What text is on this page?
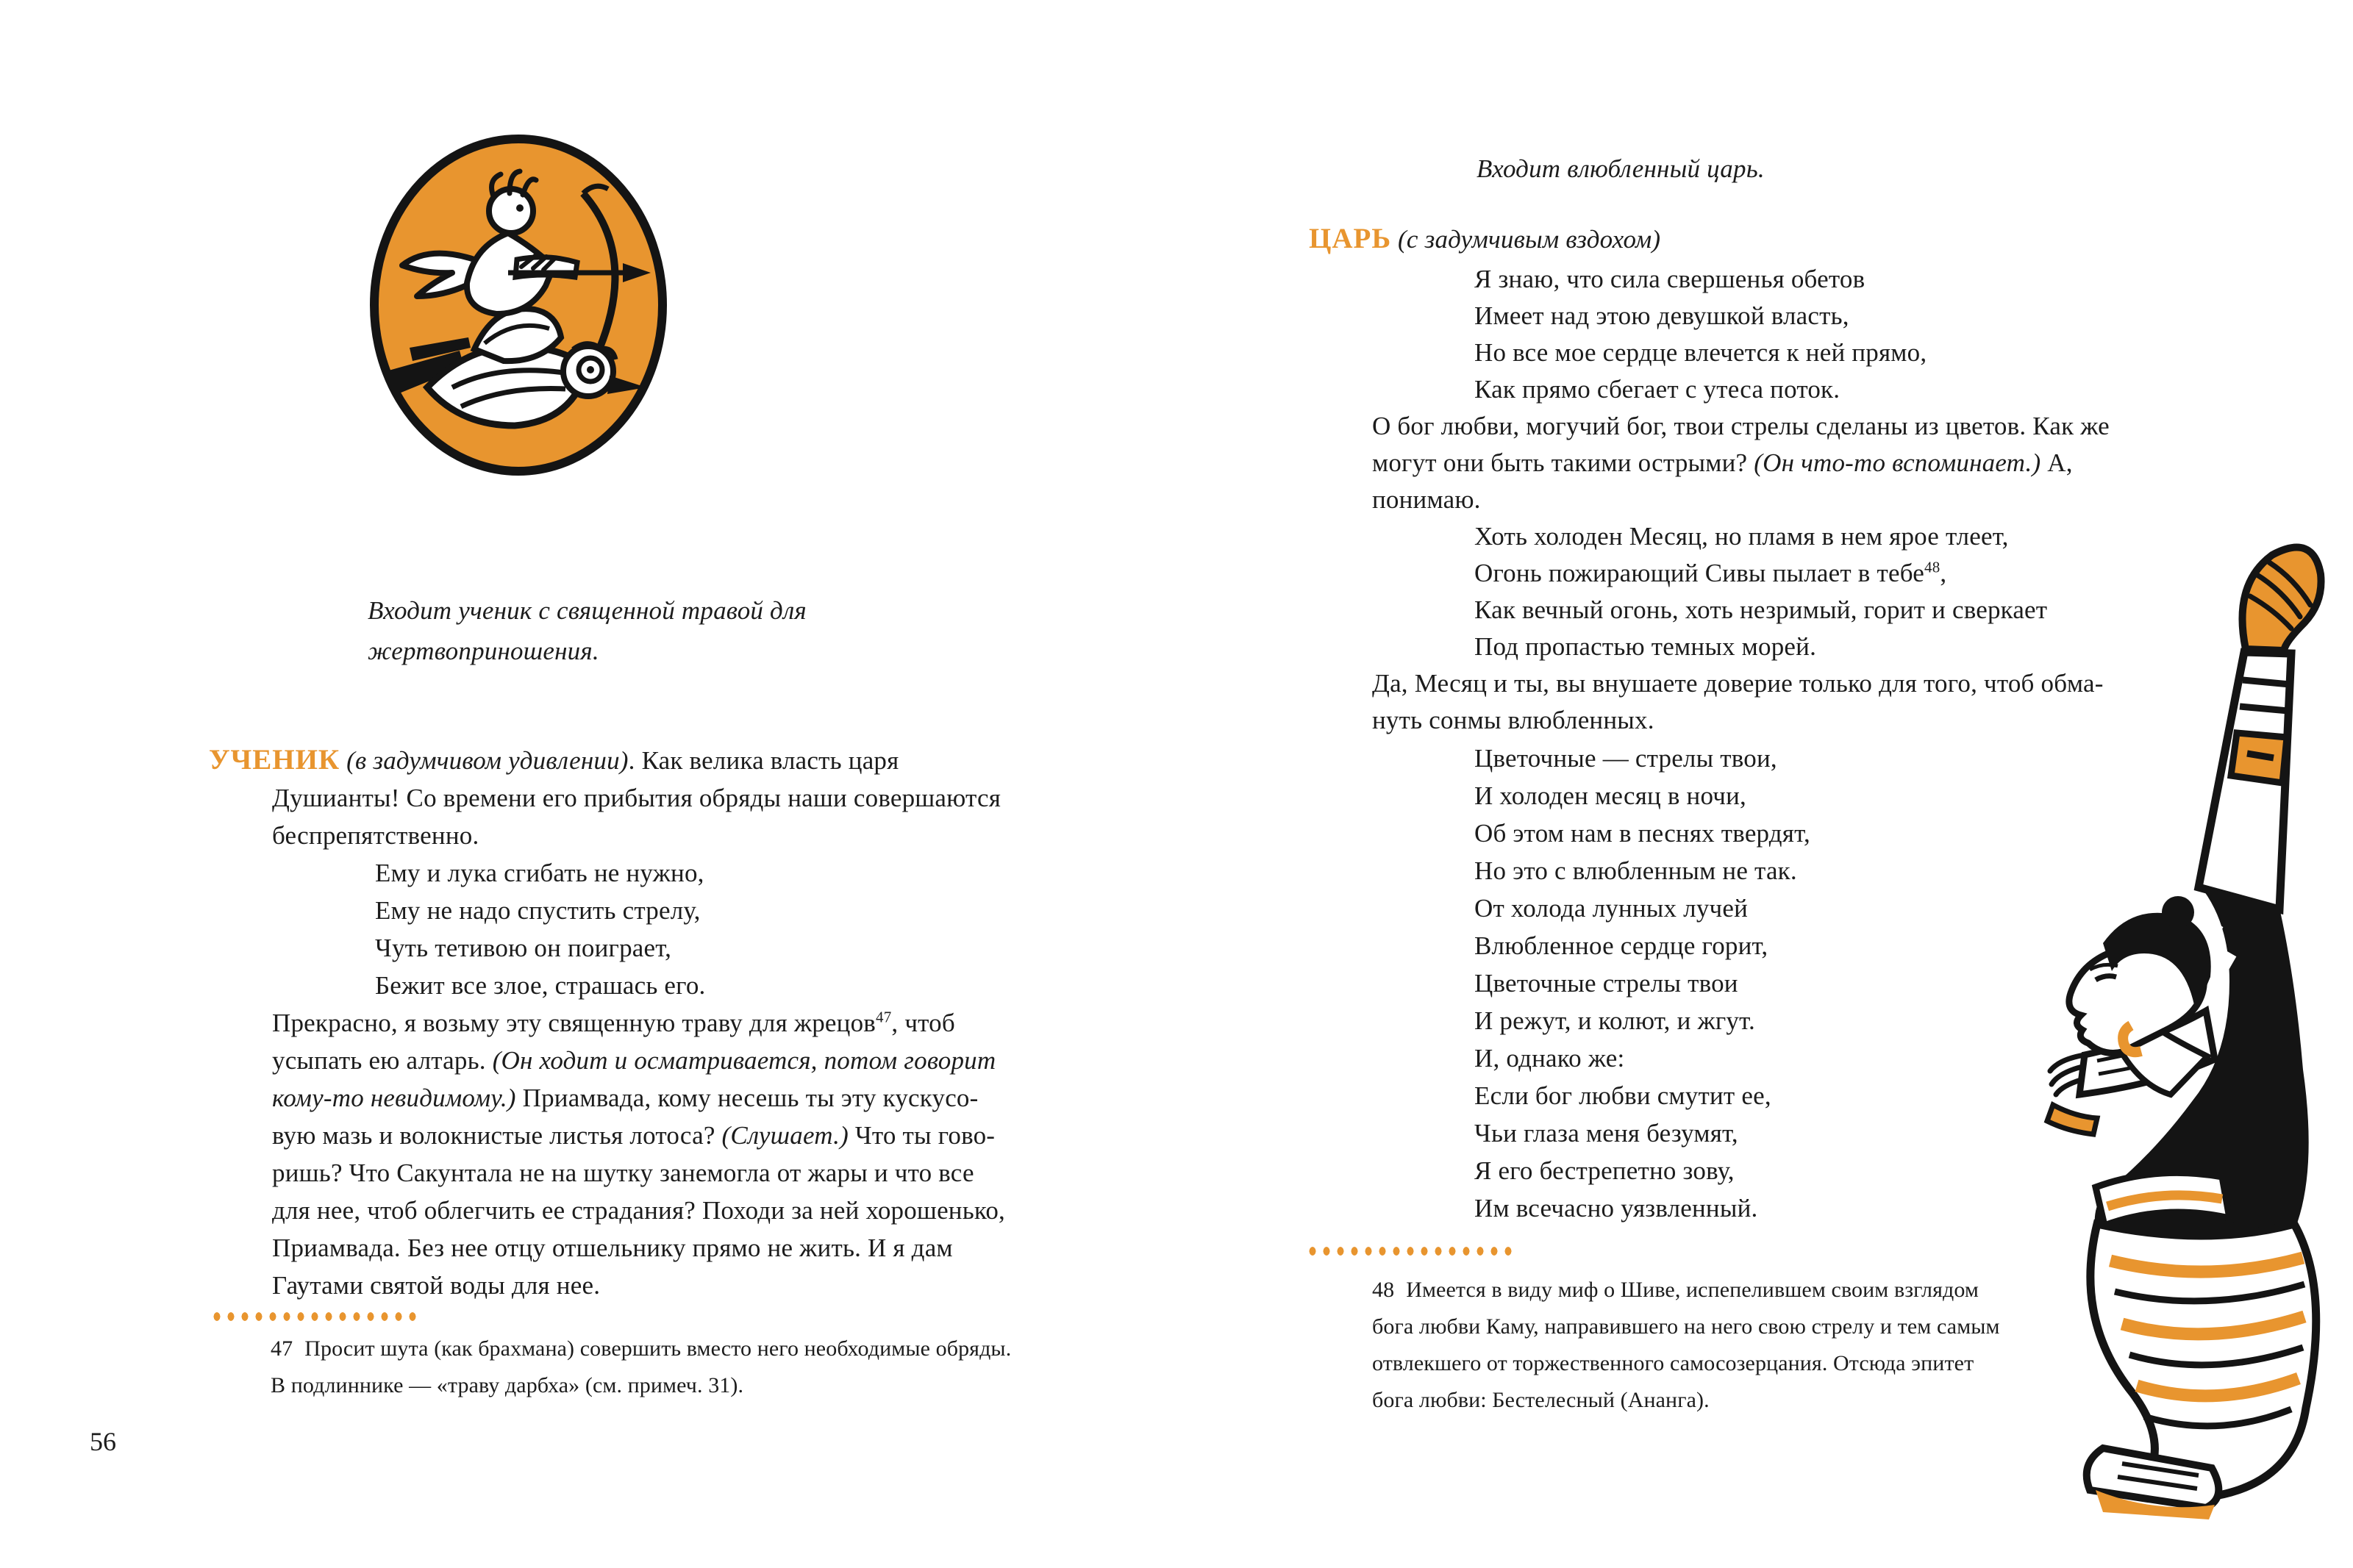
Входит ученик с священной травой для
жертвоприношения.
УЧЕНИК (в задумчивом удивлении). Как велика власть царя
Душианты! Со времени его прибытия обряды наши совершаются
беспрепятственно.
Ему и лука сгибать не нужно,
Ему не надо спустить стрелу,
Чуть тетивою он поиграет,
Бежит все злое, страшась его.
Прекрасно, я возьму эту священную траву для жрецов$^{47}$, чтоб
усыпать ею алтарь. (Он ходит и осматривается, потом говорит
кому-то невидимому.) Приамвада, кому несешь ты эту кускусо-
вую мазь и волокнистые листья лотоса? (Слушает.) Что ты гово-
ришь? Что Сакунтала не на шутку занемогла от жары и что все
для нее, чтоб облегчить ее страдания? Походи за ней хорошенько,
Приамвада. Без нее отцу отшельнику прямо не жить. И я дам
Гаутами святой воды для нее.
47 Просит шута (как брахмана) совершить вместо него необходимые обряды.
В подлиннике — «траву дарбха» (см. примеч. 31).
56
Входит влюбленный царь.
ЦАРЬ (с задумчивым вздохом)
Я знаю, что сила свершенья обетов
Имеет над этою девушкой власть,
Но все мое сердце влечется к ней прямо,
Как прямо сбегает с утеса поток.
О бог любви, могучий бог, твои стрелы сделаны из цветов. Как же
могут они быть такими острыми? (Он что-то вспоминает.) А,
понимаю.
Хоть холоден Месяц, но пламя в нем ярое тлеет,
Огонь пожирающий Сивы пылает в тебе$^{48}$,
Как вечный огонь, хоть незримый, горит и сверкает
Под пропастью темных морей.
Да, Месяц и ты, вы внушаете доверие только для того, чтоб обма-
нуть сонмы влюбленных.
Цветочные — стрелы твои,
И холоден месяц в ночи,
Об этом нам в песнях твердят,
Но это с влюбленным не так.
От холода лунных лучей
Влюбленное сердце горит,
Цветочные стрелы твои
И режут, и колют, и жгут.
И, однако же:
Если бог любви смутит ее,
Чьи глаза меня безумят,
Я его бестрепетно зову,
Им всечасно уязвленный.
48 Имеется в виду миф о Шиве, испепелившем своим взглядом
бога любви Каму, направившего на него свою стрелу и тем самым
отвлекшего от торжественного самосозерцания. Отсюда эпитет
бога любви: Бестелесный (Ананга).
